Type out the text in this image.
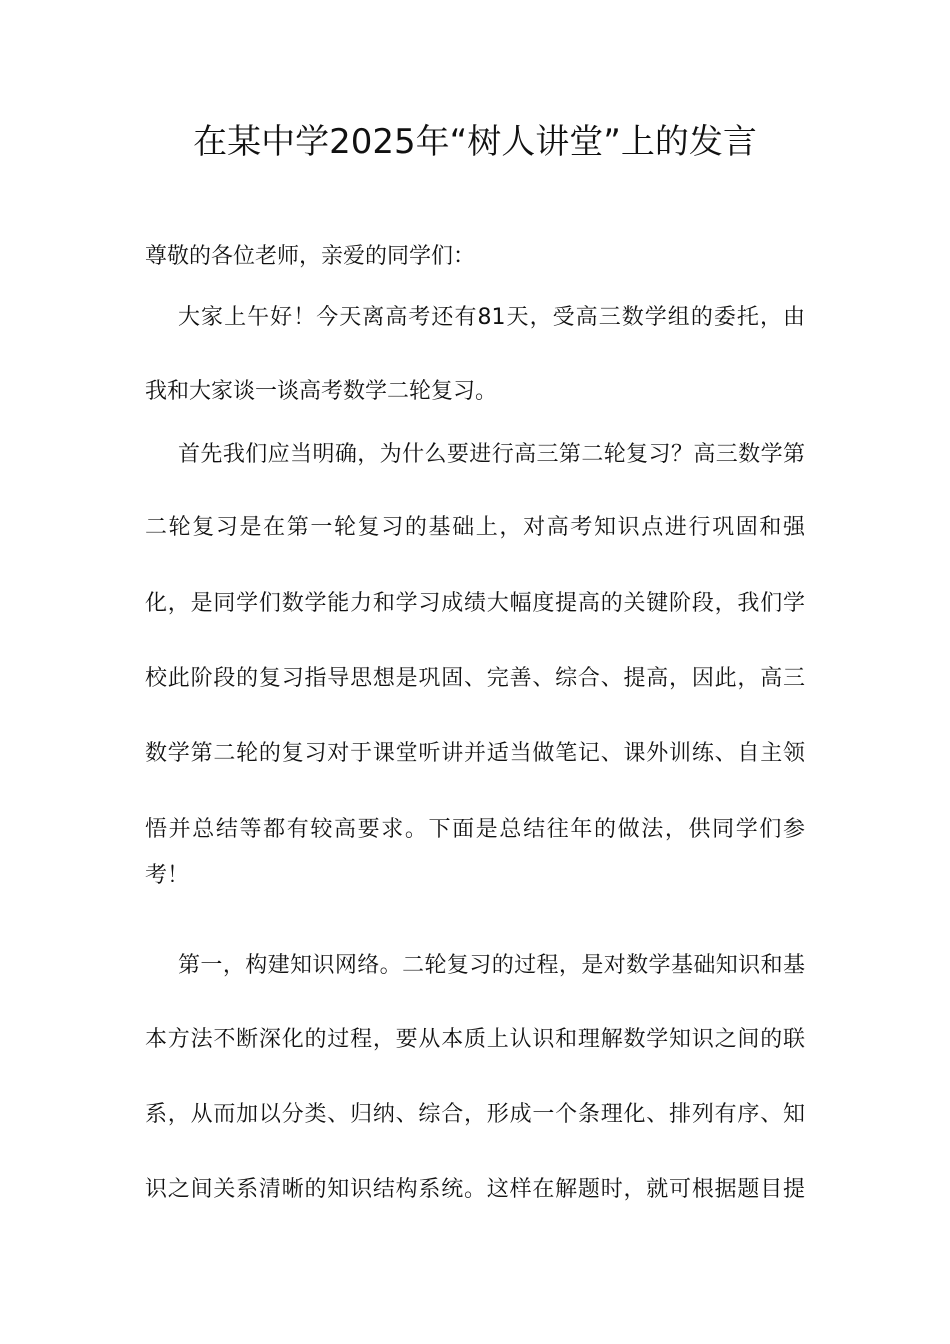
在某中学2025年“树人讲堂”上的发言
尊敬的各位老师，亲爱的同学们：
大家上午好！今天离高考还有81天，受高三数学组的委托，由
我和大家谈一谈高考数学二轮复习。
首先我们应当明确，为什么要进行高三第二轮复习？高三数学第
二轮复习是在第一轮复习的基础上，对高考知识点进行巩固和强
化，是同学们数学能力和学习成绩大幅度提高的关键阶段，我们学
校此阶段的复习指导思想是巩固、完善、综合、提高，因此，高三
数学第二轮的复习对于课堂听讲并适当做笔记、课外训练、自主领
悟并总结等都有较高要求。下面是总结往年的做法，供同学们参
考！
第一，构建知识网络。二轮复习的过程，是对数学基础知识和基
本方法不断深化的过程，要从本质上认识和理解数学知识之间的联
系，从而加以分类、归纳、综合，形成一个条理化、排列有序、知
识之间关系清晰的知识结构系统。这样在解题时，就可根据题目提
